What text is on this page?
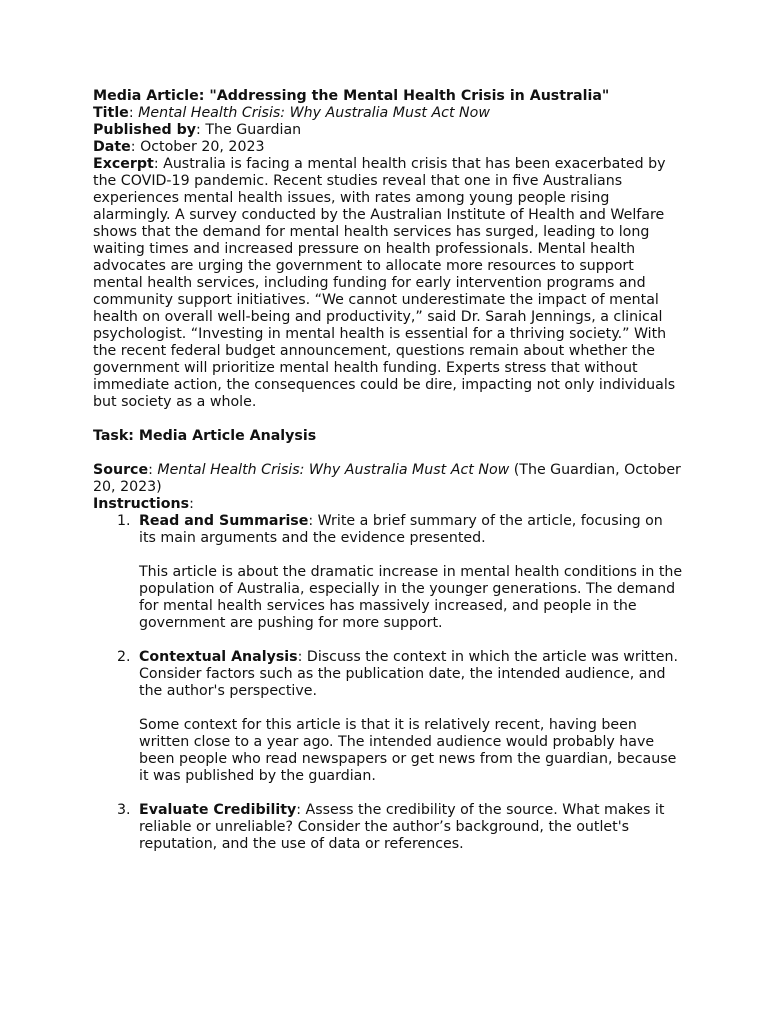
Media Article: "Addressing the Mental Health Crisis in Australia"

Title: Mental Health Crisis: Why Australia Must Act Now

Published by: The Guardian

Date: October 20, 2023

Excerpt: Australia is facing a mental health crisis that has been exacerbated by the COVID-19 pandemic. Recent studies reveal that one in five Australians experiences mental health issues, with rates among young people rising alarmingly. A survey conducted by the Australian Institute of Health and Welfare shows that the demand for mental health services has surged, leading to long waiting times and increased pressure on health professionals. Mental health advocates are urging the government to allocate more resources to support mental health services, including funding for early intervention programs and community support initiatives. “We cannot underestimate the impact of mental health on overall well-being and productivity,” said Dr. Sarah Jennings, a clinical psychologist. “Investing in mental health is essential for a thriving society.” With the recent federal budget announcement, questions remain about whether the government will prioritize mental health funding. Experts stress that without immediate action, the consequences could be dire, impacting not only individuals but society as a whole.

Task: Media Article Analysis

Source: Mental Health Crisis: Why Australia Must Act Now (The Guardian, October 20, 2023)

Instructions:

1. Read and Summarise: Write a brief summary of the article, focusing on its main arguments and the evidence presented.

This article is about the dramatic increase in mental health conditions in the population of Australia, especially in the younger generations. The demand for mental health services has massively increased, and people in the government are pushing for more support.

2. Contextual Analysis: Discuss the context in which the article was written. Consider factors such as the publication date, the intended audience, and the author's perspective.

Some context for this article is that it is relatively recent, having been written close to a year ago. The intended audience would probably have been people who read newspapers or get news from the guardian, because it was published by the guardian.

3. Evaluate Credibility: Assess the credibility of the source. What makes it reliable or unreliable? Consider the author’s background, the outlet's reputation, and the use of data or references.
